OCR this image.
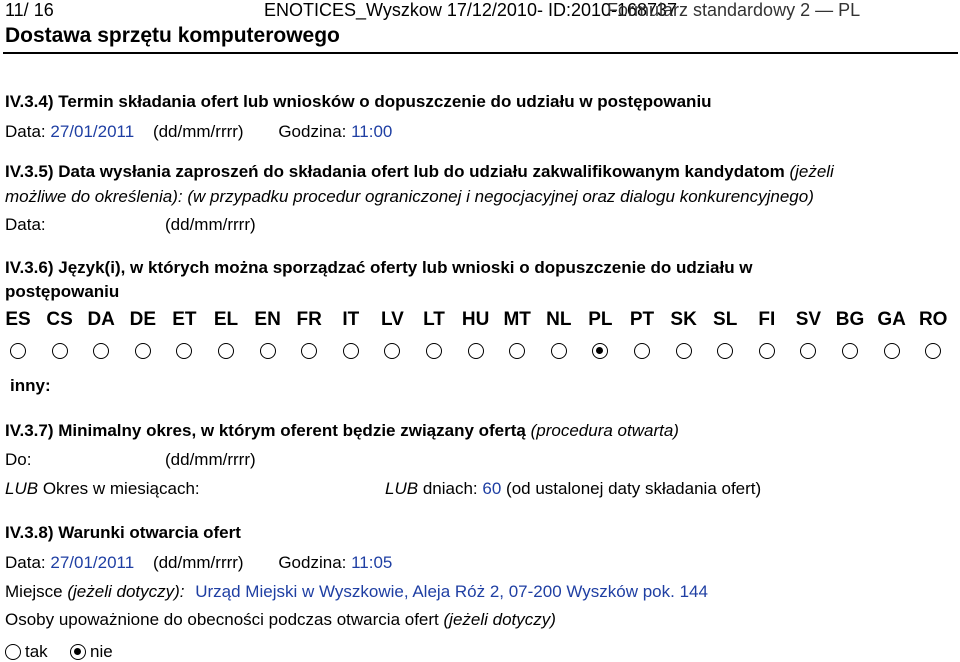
11/ 16	ENOTICES_Wyszkow 17/12/2010- ID:2010-168737
Formularz standardowy 2 — PL
Dostawa sprzętu komputerowego
IV.3.4) Termin składania ofert lub wniosków o dopuszczenie do udziału w postępowaniu
Data: 27/01/2011 (dd/mm/rrrr) Godzina: 11:00
IV.3.5) Data wysłania zaproszeń do składania ofert lub do udziału zakwalifikowanym kandydatom (jeżeli
możliwe do określenia): (w przypadku procedur ograniczonej i negocjacyjnej oraz dialogu konkurencyjnego)
Data:	(dd/mm/rrrr)
IV.3.6) Język(i), w których można sporządzać oferty lub wnioski o dopuszczenie do udziału w
postępowaniu
ES CS DA DE ET EL EN FR	IT	LV	LT HU MT NL PL PT SK SL	FI	SV BG GA RO
inny:
IV.3.7) Minimalny okres, w którym oferent będzie związany ofertą (procedura otwarta)
Do:	(dd/mm/rrrr)
LUB Okres w miesiącach:	LUB dniach: 60 (od ustalonej daty składania ofert)
IV.3.8) Warunki otwarcia ofert
Data: 27/01/2011 (dd/mm/rrrr) Godzina: 11:05
Miejsce (jeżeli dotyczy): Urząd Miejski w Wyszkowie, Aleja Róż 2, 07-200 Wyszków pok. 144
Osoby upoważnione do obecności podczas otwarcia ofert (jeżeli dotyczy)
tak nie
